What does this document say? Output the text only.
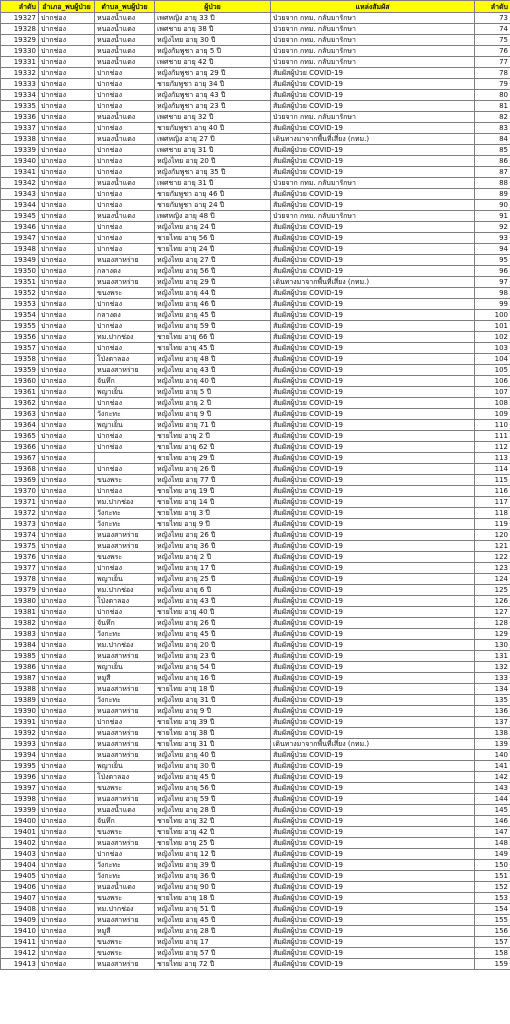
ลำดับ	อำเภอ_พบผู้ป่วย	ตำบล_พบผู้ป่วย	ผู้ป่วย	แหล่งสัมผัส	ลำดับ
19327	ปากช่อง	หนองน้ำแดง	เพศหญิง อายุ 33 ปี	ป่วยจาก กทม. กลับมารักษา	73
19328	ปากช่อง	หนองน้ำแดง	เพศชาย อายุ 38 ปี	ป่วยจาก กทม. กลับมารักษา	74
19329	ปากช่อง	หนองน้ำแดง	หญิงไทย อายุ 30 ปี	ป่วยจาก กทม. กลับมารักษา	75
19330	ปากช่อง	หนองน้ำแดง	หญิงกัมพูชา อายุ 5 ปี	ป่วยจาก กทม. กลับมารักษา	76
19331	ปากช่อง	หนองน้ำแดง	เพศชาย อายุ 42 ปี	ป่วยจาก กทม. กลับมารักษา	77
19332	ปากช่อง	ปากช่อง	หญิงกัมพูชา อายุ 29 ปี	สัมผัสผู้ป่วย COVID-19	78
19333	ปากช่อง	ปากช่อง	ชายกัมพูชา อายุ 34 ปี	สัมผัสผู้ป่วย COVID-19	79
19334	ปากช่อง	ปากช่อง	หญิงกัมพูชา อายุ 43 ปี	สัมผัสผู้ป่วย COVID-19	80
19335	ปากช่อง	ปากช่อง	หญิงกัมพูชา อายุ 23 ปี	สัมผัสผู้ป่วย COVID-19	81
19336	ปากช่อง	หนองน้ำแดง	เพศชาย อายุ 32 ปี	ป่วยจาก กทม. กลับมารักษา	82
19337	ปากช่อง	ปากช่อง	ชายกัมพูชา อายุ 40 ปี	สัมผัสผู้ป่วย COVID-19	83
19338	ปากช่อง	หนองน้ำแดง	เพศหญิง อายุ 27 ปี	เดินทางมาจากพื้นที่เสี่ยง (กทม.)	84
19339	ปากช่อง	ปากช่อง	เพศชาย อายุ 31 ปี	สัมผัสผู้ป่วย COVID-19	85
19340	ปากช่อง	ปากช่อง	หญิงไทย อายุ 20 ปี	สัมผัสผู้ป่วย COVID-19	86
19341	ปากช่อง	ปากช่อง	หญิงกัมพูชา อายุ 35 ปี	สัมผัสผู้ป่วย COVID-19	87
19342	ปากช่อง	หนองน้ำแดง	เพศชาย อายุ 31 ปี	ป่วยจาก กทม. กลับมารักษา	88
19343	ปากช่อง	ปากช่อง	ชายกัมพูชา อายุ 46 ปี	สัมผัสผู้ป่วย COVID-19	89
19344	ปากช่อง	ปากช่อง	ชายกัมพูชา อายุ 24 ปี	สัมผัสผู้ป่วย COVID-19	90
19345	ปากช่อง	หนองน้ำแดง	เพศหญิง อายุ 48 ปี	ป่วยจาก กทม. กลับมารักษา	91
19346	ปากช่อง	ปากช่อง	หญิงไทย อายุ 24 ปี	สัมผัสผู้ป่วย COVID-19	92
19347	ปากช่อง	ปากช่อง	ชายไทย อายุ 56 ปี	สัมผัสผู้ป่วย COVID-19	93
19348	ปากช่อง	ปากช่อง	ชายไทย อายุ 24 ปี	สัมผัสผู้ป่วย COVID-19	94
19349	ปากช่อง	หนองสาหร่าย	หญิงไทย อายุ 27 ปี	สัมผัสผู้ป่วย COVID-19	95
19350	ปากช่อง	กลางดง	หญิงไทย อายุ 56 ปี	สัมผัสผู้ป่วย COVID-19	96
19351	ปากช่อง	หนองสาหร่าย	หญิงไทย อายุ 29 ปี	เดินทางมาจากพื้นที่เสี่ยง (กทม.)	97
19352	ปากช่อง	ขนงพระ	หญิงไทย อายุ 44 ปี	สัมผัสผู้ป่วย COVID-19	98
19353	ปากช่อง	ปากช่อง	หญิงไทย อายุ 46 ปี	สัมผัสผู้ป่วย COVID-19	99
19354	ปากช่อง	กลางดง	หญิงไทย อายุ 45 ปี	สัมผัสผู้ป่วย COVID-19	100
19355	ปากช่อง	ปากช่อง	หญิงไทย อายุ 59 ปี	สัมผัสผู้ป่วย COVID-19	101
19356	ปากช่อง	ทม.ปากช่อง	ชายไทย อายุ 66 ปี	สัมผัสผู้ป่วย COVID-19	102
19357	ปากช่อง	ปากช่อง	ชายไทย อายุ 45 ปี	สัมผัสผู้ป่วย COVID-19	103
19358	ปากช่อง	โป่งตาลอง	หญิงไทย อายุ 48 ปี	สัมผัสผู้ป่วย COVID-19	104
19359	ปากช่อง	หนองสาหร่าย	หญิงไทย อายุ 43 ปี	สัมผัสผู้ป่วย COVID-19	105
19360	ปากช่อง	จันทึก	หญิงไทย อายุ 40 ปี	สัมผัสผู้ป่วย COVID-19	106
19361	ปากช่อง	พญาเย็น	หญิงไทย อายุ 5 ปี	สัมผัสผู้ป่วย COVID-19	107
19362	ปากช่อง	ปากช่อง	หญิงไทย อายุ 2 ปี	สัมผัสผู้ป่วย COVID-19	108
19363	ปากช่อง	วังกะทะ	หญิงไทย อายุ 9 ปี	สัมผัสผู้ป่วย COVID-19	109
19364	ปากช่อง	พญาเย็น	หญิงไทย อายุ 71 ปี	สัมผัสผู้ป่วย COVID-19	110
19365	ปากช่อง	ปากช่อง	ชายไทย อายุ 2 ปี	สัมผัสผู้ป่วย COVID-19	111
19366	ปากช่อง	ปากช่อง	ชายไทย อายุ 62 ปี	สัมผัสผู้ป่วย COVID-19	112
19367	ปากช่อง		ชายไทย อายุ 29 ปี	สัมผัสผู้ป่วย COVID-19	113
19368	ปากช่อง	ปากช่อง	หญิงไทย อายุ 26 ปี	สัมผัสผู้ป่วย COVID-19	114
19369	ปากช่อง	ขนงพระ	หญิงไทย อายุ 77 ปี	สัมผัสผู้ป่วย COVID-19	115
19370	ปากช่อง	ปากช่อง	ชายไทย อายุ 19 ปี	สัมผัสผู้ป่วย COVID-19	116
19371	ปากช่อง	ทม.ปากช่อง	ชายไทย อายุ 14 ปี	สัมผัสผู้ป่วย COVID-19	117
19372	ปากช่อง	วังกะทะ	ชายไทย อายุ 3 ปี	สัมผัสผู้ป่วย COVID-19	118
19373	ปากช่อง	วังกะทะ	ชายไทย อายุ 9 ปี	สัมผัสผู้ป่วย COVID-19	119
19374	ปากช่อง	หนองสาหร่าย	หญิงไทย อายุ 26 ปี	สัมผัสผู้ป่วย COVID-19	120
19375	ปากช่อง	หนองสาหร่าย	หญิงไทย อายุ 36 ปี	สัมผัสผู้ป่วย COVID-19	121
19376	ปากช่อง	ขนงพระ	หญิงไทย อายุ 2 ปี	สัมผัสผู้ป่วย COVID-19	122
19377	ปากช่อง	ปากช่อง	หญิงไทย อายุ 17 ปี	สัมผัสผู้ป่วย COVID-19	123
19378	ปากช่อง	พญาเย็น	หญิงไทย อายุ 25 ปี	สัมผัสผู้ป่วย COVID-19	124
19379	ปากช่อง	ทม.ปากช่อง	หญิงไทย อายุ 6 ปี	สัมผัสผู้ป่วย COVID-19	125
19380	ปากช่อง	โป่งตาลอง	หญิงไทย อายุ 43 ปี	สัมผัสผู้ป่วย COVID-19	126
19381	ปากช่อง	ปากช่อง	ชายไทย อายุ 40 ปี	สัมผัสผู้ป่วย COVID-19	127
19382	ปากช่อง	จันทึก	หญิงไทย อายุ 26 ปี	สัมผัสผู้ป่วย COVID-19	128
19383	ปากช่อง	วังกะทะ	หญิงไทย อายุ 45 ปี	สัมผัสผู้ป่วย COVID-19	129
19384	ปากช่อง	ทม.ปากช่อง	หญิงไทย อายุ 20 ปี	สัมผัสผู้ป่วย COVID-19	130
19385	ปากช่อง	หนองสาหร่าย	หญิงไทย อายุ 23 ปี	สัมผัสผู้ป่วย COVID-19	131
19386	ปากช่อง	พญาเย็น	หญิงไทย อายุ 54 ปี	สัมผัสผู้ป่วย COVID-19	132
19387	ปากช่อง	หมูสี	หญิงไทย อายุ 16 ปี	สัมผัสผู้ป่วย COVID-19	133
19388	ปากช่อง	หนองสาหร่าย	ชายไทย อายุ 18 ปี	สัมผัสผู้ป่วย COVID-19	134
19389	ปากช่อง	วังกะทะ	หญิงไทย อายุ 31 ปี	สัมผัสผู้ป่วย COVID-19	135
19390	ปากช่อง	หนองสาหร่าย	หญิงไทย อายุ 9 ปี	สัมผัสผู้ป่วย COVID-19	136
19391	ปากช่อง	ปากช่อง	ชายไทย อายุ 39 ปี	สัมผัสผู้ป่วย COVID-19	137
19392	ปากช่อง	หนองสาหร่าย	ชายไทย อายุ 38 ปี	สัมผัสผู้ป่วย COVID-19	138
19393	ปากช่อง	หนองสาหร่าย	ชายไทย อายุ 31 ปี	เดินทางมาจากพื้นที่เสี่ยง (กทม.)	139
19394	ปากช่อง	หนองสาหร่าย	หญิงไทย อายุ 40 ปี	สัมผัสผู้ป่วย COVID-19	140
19395	ปากช่อง	พญาเย็น	หญิงไทย อายุ 30 ปี	สัมผัสผู้ป่วย COVID-19	141
19396	ปากช่อง	โป่งตาลอง	หญิงไทย อายุ 45 ปี	สัมผัสผู้ป่วย COVID-19	142
19397	ปากช่อง	ขนงพระ	หญิงไทย อายุ 56 ปี	สัมผัสผู้ป่วย COVID-19	143
19398	ปากช่อง	หนองสาหร่าย	หญิงไทย อายุ 59 ปี	สัมผัสผู้ป่วย COVID-19	144
19399	ปากช่อง	หนองน้ำแดง	หญิงไทย อายุ 28 ปี	สัมผัสผู้ป่วย COVID-19	145
19400	ปากช่อง	จันทึก	ชายไทย อายุ 32 ปี	สัมผัสผู้ป่วย COVID-19	146
19401	ปากช่อง	ขนงพระ	ชายไทย อายุ 42 ปี	สัมผัสผู้ป่วย COVID-19	147
19402	ปากช่อง	หนองสาหร่าย	ชายไทย อายุ 25 ปี	สัมผัสผู้ป่วย COVID-19	148
19403	ปากช่อง	ปากช่อง	หญิงไทย อายุ 12 ปี	สัมผัสผู้ป่วย COVID-19	149
19404	ปากช่อง	วังกะทะ	หญิงไทย อายุ 39 ปี	สัมผัสผู้ป่วย COVID-19	150
19405	ปากช่อง	วังกะทะ	หญิงไทย อายุ 36 ปี	สัมผัสผู้ป่วย COVID-19	151
19406	ปากช่อง	หนองน้ำแดง	หญิงไทย อายุ 90 ปี	สัมผัสผู้ป่วย COVID-19	152
19407	ปากช่อง	ขนงพระ	ชายไทย อายุ 18 ปี	สัมผัสผู้ป่วย COVID-19	153
19408	ปากช่อง	ทม.ปากช่อง	หญิงไทย อายุ 51 ปี	สัมผัสผู้ป่วย COVID-19	154
19409	ปากช่อง	หนองสาหร่าย	หญิงไทย อายุ 45 ปี	สัมผัสผู้ป่วย COVID-19	155
19410	ปากช่อง	หมูสี	หญิงไทย อายุ 28 ปี	สัมผัสผู้ป่วย COVID-19	156
19411	ปากช่อง	ขนงพระ	หญิงไทย อายุ 17	สัมผัสผู้ป่วย COVID-19	157
19412	ปากช่อง	ขนงพระ	หญิงไทย อายุ 57 ปี	สัมผัสผู้ป่วย COVID-19	158
19413	ปากช่อง	หนองสาหร่าย	ชายไทย อายุ 72 ปี	สัมผัสผู้ป่วย COVID-19	159
